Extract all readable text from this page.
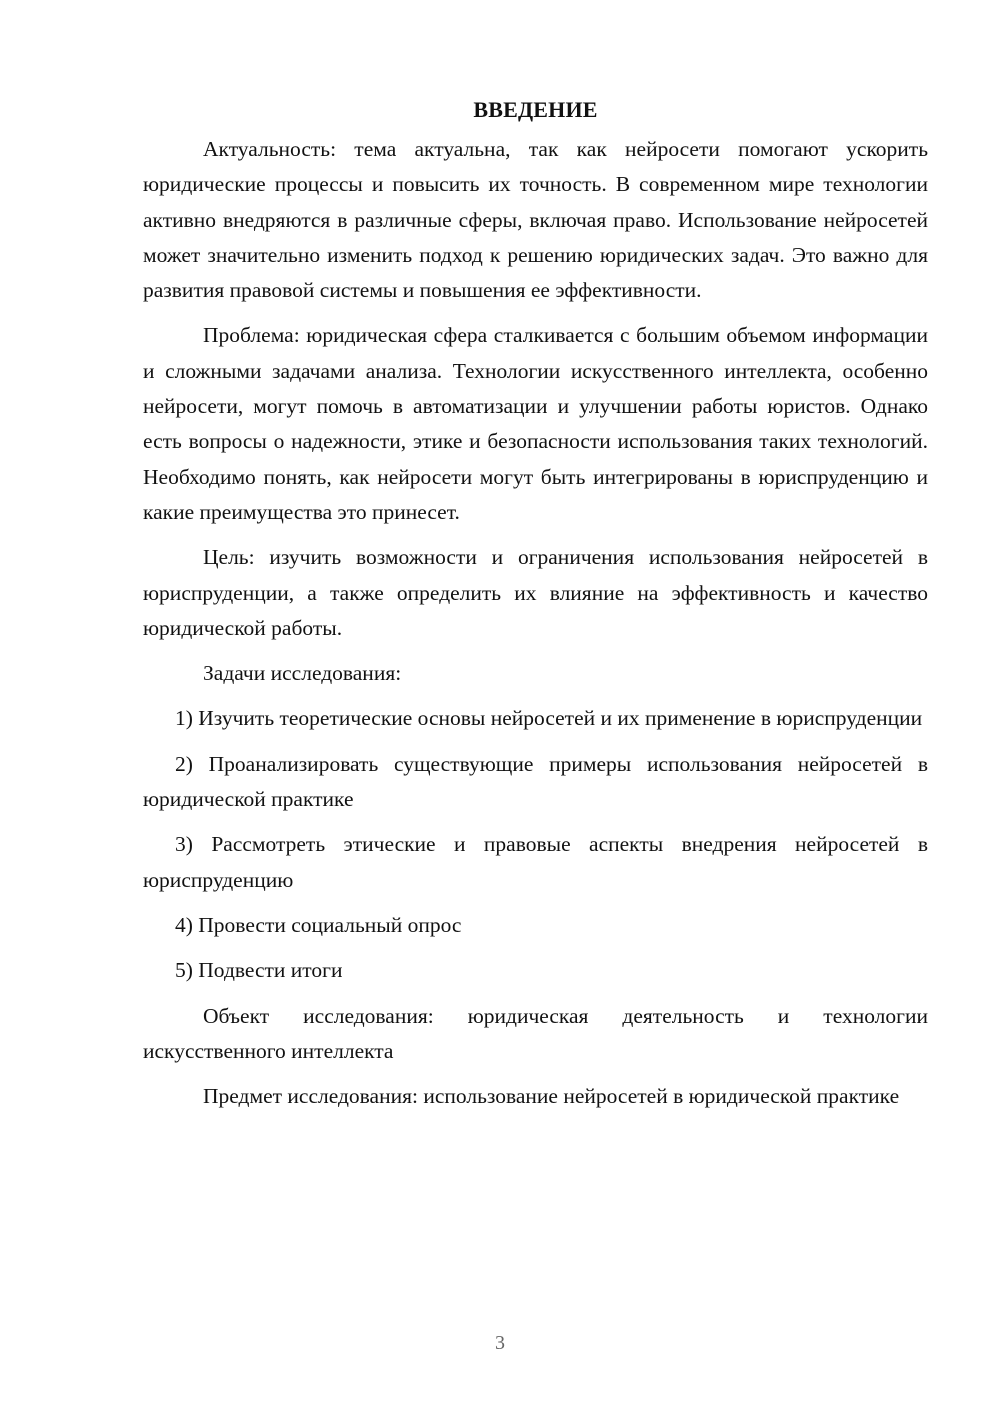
ВВЕДЕНИЕ

Актуальность: тема актуальна, так как нейросети помогают ускорить юридические процессы и повысить их точность. В современном мире технологии активно внедряются в различные сферы, включая право. Использование нейросетей может значительно изменить подход к решению юридических задач. Это важно для развития правовой системы и повышения ее эффективности.

Проблема: юридическая сфера сталкивается с большим объемом информации и сложными задачами анализа. Технологии искусственного интеллекта, особенно нейросети, могут помочь в автоматизации и улучшении работы юристов. Однако есть вопросы о надежности, этике и безопасности использования таких технологий. Необходимо понять, как нейросети могут быть интегрированы в юриспруденцию и какие преимущества это принесет.

Цель: изучить возможности и ограничения использования нейросетей в юриспруденции, а также определить их влияние на эффективность и качество юридической работы.

Задачи исследования:

1) Изучить теоретические основы нейросетей и их применение в юриспруденции

2) Проанализировать существующие примеры использования нейросетей в юридической практике

3) Рассмотреть этические и правовые аспекты внедрения нейросетей в юриспруденцию

4) Провести социальный опрос

5) Подвести итоги

Объект исследования: юридическая деятельность и технологии искусственного интеллекта

Предмет исследования: использование нейросетей в юридической практике

3
